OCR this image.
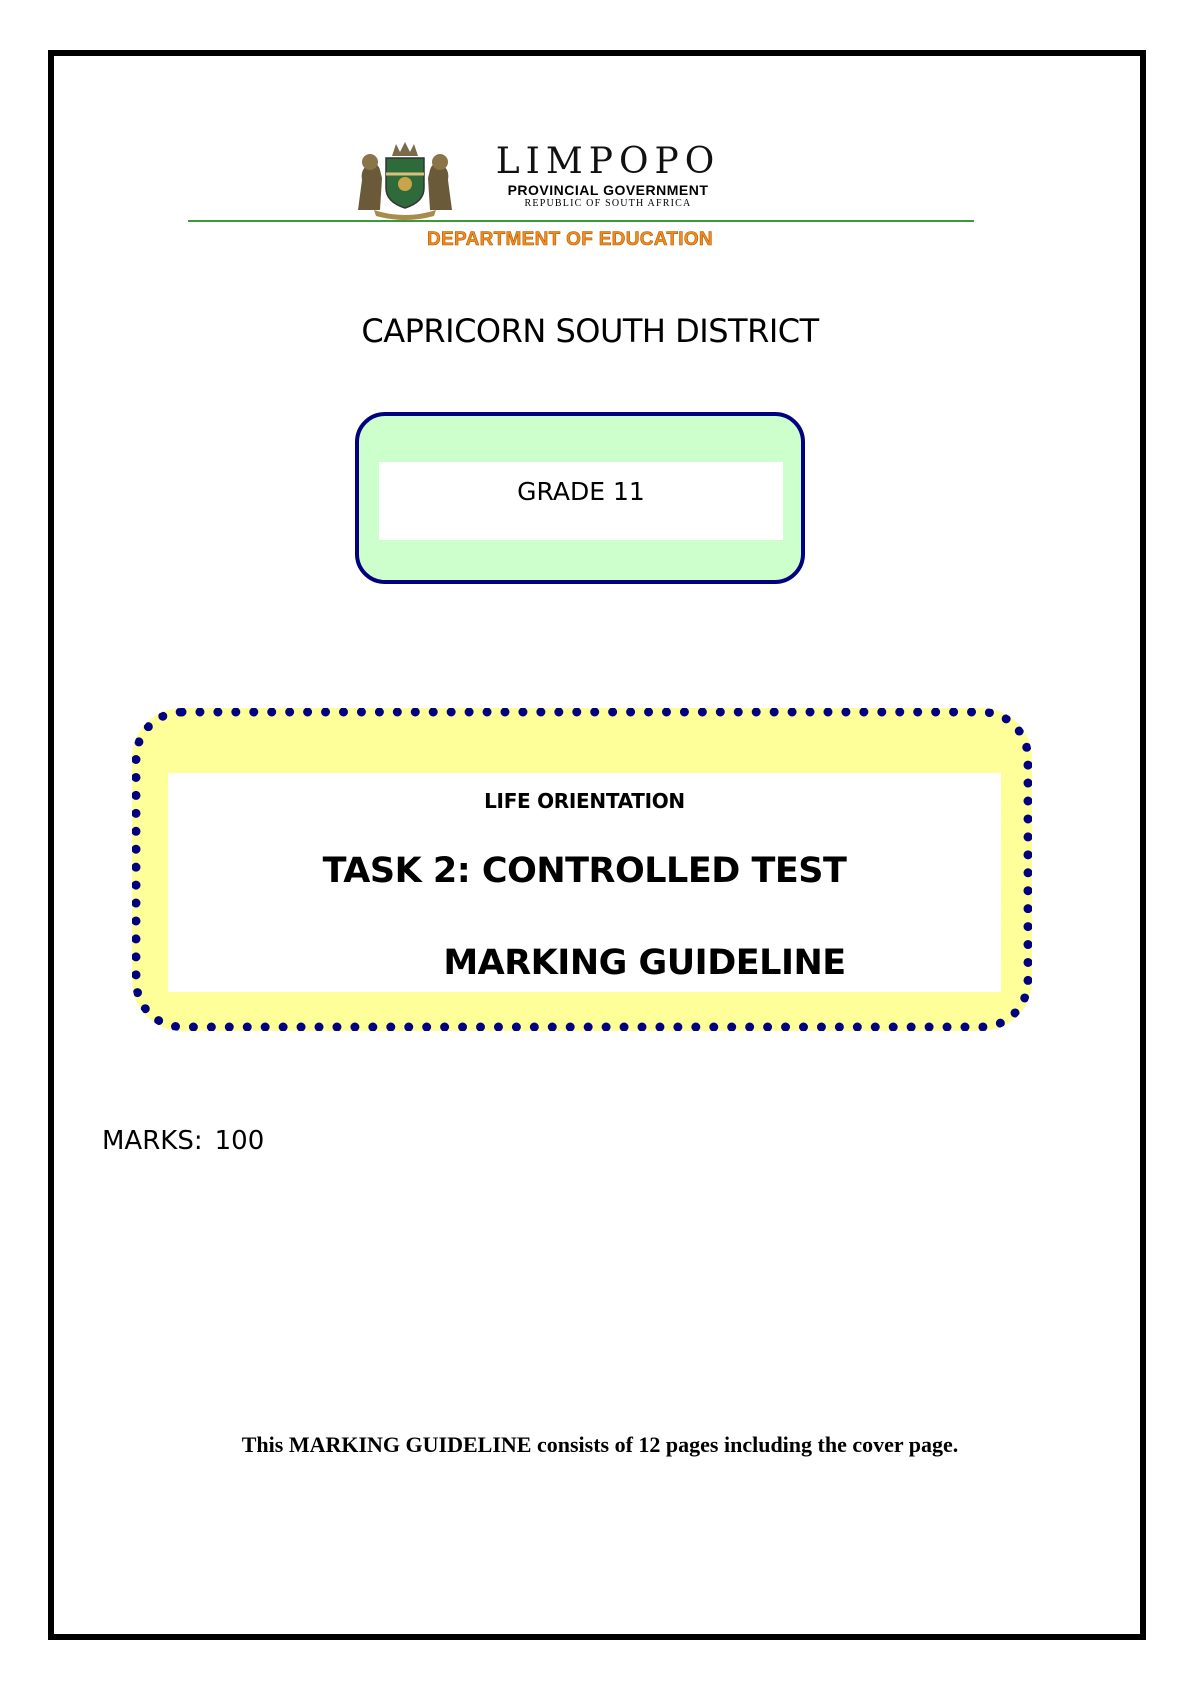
LIMPOPO
PROVINCIAL GOVERNMENT
REPUBLIC OF SOUTH AFRICA
DEPARTMENT OF EDUCATION
CAPRICORN SOUTH DISTRICT
GRADE 11
LIFE ORIENTATION
TASK 2: CONTROLLED TEST
MARKING GUIDELINE
MARKS: 100
This MARKING GUIDELINE consists of 12 pages including the cover page.
